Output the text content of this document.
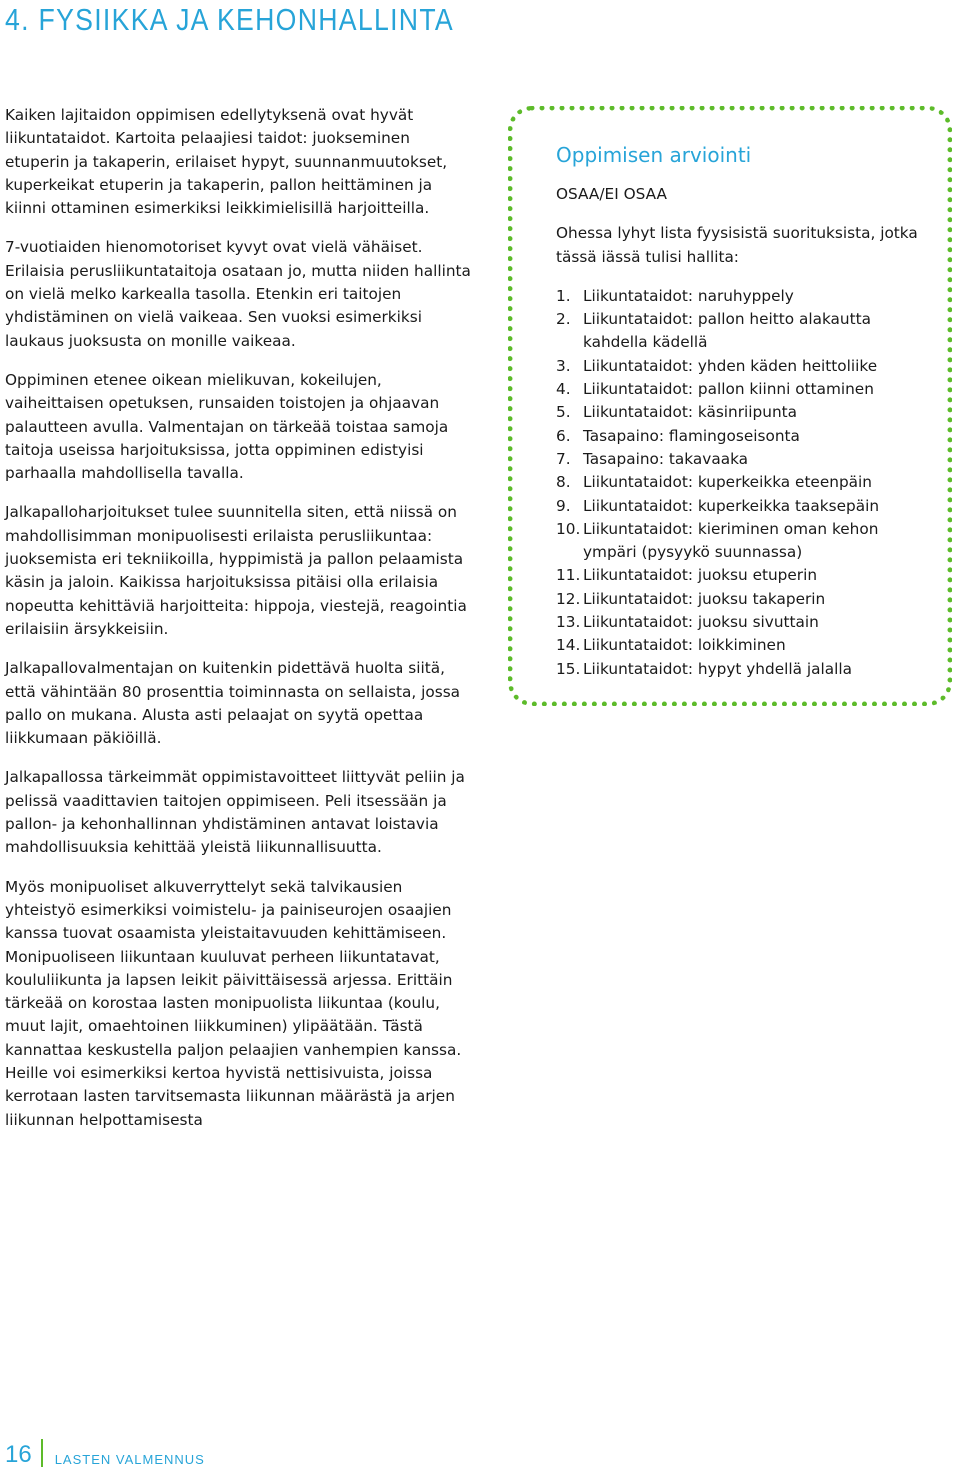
4. FYSIIKKA JA KEHONHALLINTA

Kaiken lajitaidon oppimisen edellytyksenä ovat hyvät liikuntataidot. Kartoita pelaajiesi taidot: juokseminen etuperin ja takaperin, erilaiset hypyt, suunnanmuutokset, kuperkeikat etuperin ja takaperin, pallon heittäminen ja kiinni ottaminen esimerkiksi leikkimielisillä harjoitteilla.

7-vuotiaiden hienomotoriset kyvyt ovat vielä vähäiset. Erilaisia perusliikuntataitoja osataan jo, mutta niiden hallinta on vielä melko karkealla tasolla. Etenkin eri taitojen yhdistäminen on vielä vaikeaa. Sen vuoksi esimerkiksi laukaus juoksusta on monille vaikeaa.

Oppiminen etenee oikean mielikuvan, kokeilujen, vaiheittaisen opetuksen, runsaiden toistojen ja ohjaavan palautteen avulla. Valmentajan on tärkeää toistaa samoja taitoja useissa harjoituksissa, jotta oppiminen edistyisi parhaalla mahdollisella tavalla.

Jalkapalloharjoitukset tulee suunnitella siten, että niissä on mahdollisimman monipuolisesti erilaista perusliikuntaa: juoksemista eri tekniikoilla, hyppimistä ja pallon pelaamista käsin ja jaloin. Kaikissa harjoituksissa pitäisi olla erilaisia nopeutta kehittäviä harjoitteita: hippoja, viestejä, reagointia erilaisiin ärsykkeisiin.

Jalkapallovalmentajan on kuitenkin pidettävä huolta siitä, että vähintään 80 prosenttia toiminnasta on sellaista, jossa pallo on mukana. Alusta asti pelaajat on syytä opettaa liikkumaan päkiöillä.

Jalkapallossa tärkeimmät oppimistavoitteet liittyvät peliin ja pelissä vaadittavien taitojen oppimiseen. Peli itsessään ja pallon- ja kehonhallinnan yhdistäminen antavat loistavia mahdollisuuksia kehittää yleistä liikunnallisuutta.

Myös monipuoliset alkuverryttelyt sekä talvikausien yhteistyö esimerkiksi voimistelu- ja painiseurojen osaajien kanssa tuovat osaamista yleistaitavuuden kehittämiseen. Monipuoliseen liikuntaan kuuluvat perheen liikuntatavat, koululiikunta ja lapsen leikit päivittäisessä arjessa. Erittäin tärkeää on korostaa lasten monipuolista liikuntaa (koulu, muut lajit, omaehtoinen liikkuminen) ylipäätään. Tästä kannattaa keskustella paljon pelaajien vanhempien kanssa. Heille voi esimerkiksi kertoa hyvistä nettisivuista, joissa kerrotaan lasten tarvitsemasta liikunnan määrästä ja arjen liikunnan helpottamisesta

Oppimisen arviointi
OSAA/EI OSAA
Ohessa lyhyt lista fyysisistä suorituksista, jotka tässä iässä tulisi hallita:
1. Liikuntataidot: naruhyppely
2. Liikuntataidot: pallon heitto alakautta kahdella kädellä
3. Liikuntataidot: yhden käden heittoliike
4. Liikuntataidot: pallon kiinni ottaminen
5. Liikuntataidot: käsinriipunta
6. Tasapaino: flamingoseisonta
7. Tasapaino: takavaaka
8. Liikuntataidot: kuperkeikka eteenpäin
9. Liikuntataidot: kuperkeikka taaksepäin
10. Liikuntataidot: kieriminen oman kehon ympäri (pysyykö suunnassa)
11. Liikuntataidot: juoksu etuperin
12. Liikuntataidot: juoksu takaperin
13. Liikuntataidot: juoksu sivuttain
14. Liikuntataidot: loikkiminen
15. Liikuntataidot: hypyt yhdellä jalalla
16 LASTEN VALMENNUS
